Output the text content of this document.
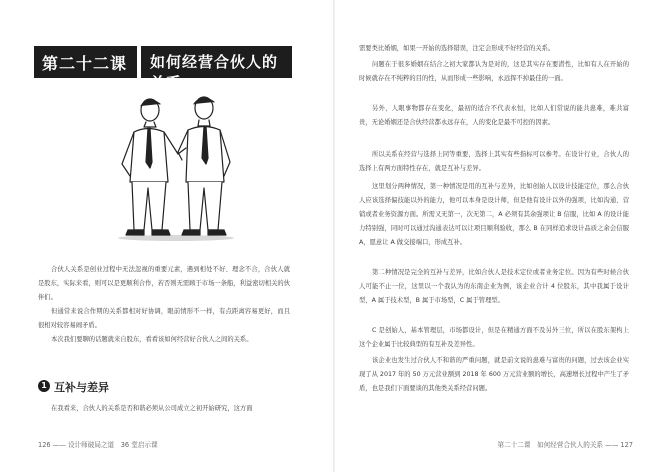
第二十二课 如何经营合伙人的关系
合伙人关系是创业过程中无法忽视的重要元素，遇到相处不好、理念不合，合伙人就是股东，实际来看，则可以是更顺利合作，若否则无需顾于市场一条船，利益密切相关的伙伴们。
但通常来说合作期的关系都相对好协调，眼前情形不一样，有点距离容易更好，而且很相对较容易闹矛盾。
本次我们要聊的话题就来自股东，看看该如何经营好合伙人之间的关系。
1 互补与差异
在我看来，合伙人的关系是否和谐必须从公司成立之初开始研究，这方面
126 —— 设计师破局之道　36 堂启示课
需要类比婚姻，如果一开始的选择错误，注定会形成不好经营的关系。
问题在于很多婚姻在结合之初大家都认为是对的，这是其实存在要潜性，比如有人在开始的时候就存在不纯粹的目的性，从而形成一些影响，永远挥不掉最佳的一面。
另外，人眼事物都存在变化，最初的适合不代表永恒，比如人们常说的能共患难，难共富贵，无论婚姻还是合伙经营都永远存在，人的变化是最不可控的因素。
所以关系在经营与选择上同等重要，选择上其实有些指标可以参考。在设计行业，合伙人的选择上有两方面特性存在，就是互补与差异。
这里划分两种情况，第一种情况是用的互补与差异，比如创始人以设计技能定位，那么合伙人应该选择偏技能以外的能力，他可以本身是设计师，但是他有设计以外的强项，比如沟通、营销或者业务资源方面。所需又无第一，次无第二，A 必须有其余强项让 B 信服，比如 A 的设计能力特别强，同时可以通过沟通表达可以让项目顺利验收，那么 B 在同样追求设计品质之余会信服 A，愿意让 A 做交接端口，形成互补。
第二种情况是完全的互补与差异，比如合伙人是技术定位或者业务定位。因为有些时候合伙人可能不止一位，这里以一个我认为的东南企业为例，该企业合计 4 位股东，其中我属于设计型，A 属于技术型，B 属于市场型，C 属于管理型。
C 是创始人，基本管理层，市场都设计，但是在精通方面不及另外三位，所以在股东架构上这个企业属于比较典型的有互补及差异性。
该企业也发生过合伙人不和谐的严重问题，就是前文说的患难与富贵的问题，过去该企业实现了从 2017 年的 50 万元营业额到 2018 年 600 万元营业额的增长，高速增长过程中产生了矛盾，也是我们下面要谈的其他类关系经营问题。
第二十二课　如何经营合伙人的关系 —— 127
